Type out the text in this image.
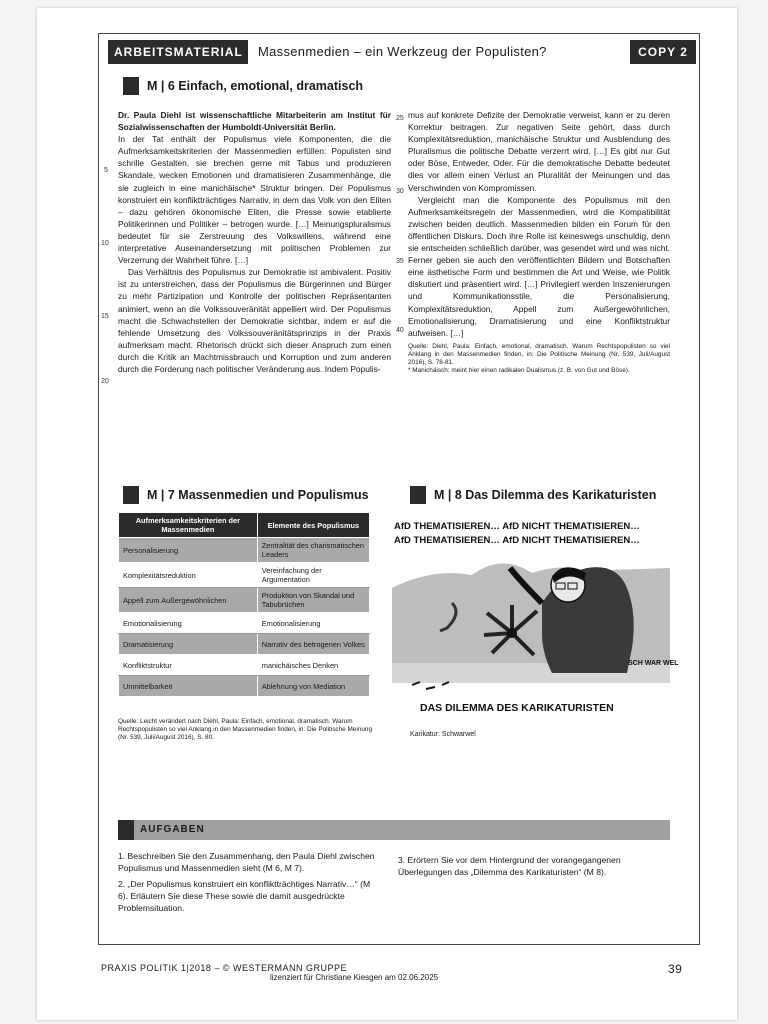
ARBEITSMATERIAL	Massenmedien – ein Werkzeug der Populisten?	COPY 2
M | 6 Einfach, emotional, dramatisch

Dr. Paula Diehl ist wissenschaftliche Mitarbeiterin am Institut für Sozialwissenschaften der Humboldt-Universität Berlin.

In der Tat enthält der Populismus viele Komponenten, die die Aufmerksamkeitskriterien der Massenmedien erfüllen: Populisten sind schrille Gestalten, sie brechen gerne mit Tabus und produzieren Skandale, wecken Emotionen und dramatisieren Zusammenhänge, die sie zugleich in eine manichäische* Struktur bringen. Der Populismus konstruiert ein konfliktträchtiges Narrativ, in dem das Volk von den Eliten – dazu gehören ökonomische Eliten, die Presse sowie etablierte Politikerinnen und Politiker – betrogen wurde. […] Meinungspluralismus bedeutet für sie Zerstreuung des Volkswillens, während eine interpretative Auseinandersetzung mit politischen Problemen zur Verzerrung der Wahrheit führe. […]

Das Verhältnis des Populismus zur Demokratie ist ambivalent. Positiv ist zu unterstreichen, dass der Populismus die Bürgerinnen und Bürger zu mehr Partizipation und Kontrolle der politischen Repräsentanten animiert, wenn an die Volkssouveränität appelliert wird. Der Populismus macht die Schwachstellen der Demokratie sichtbar, indem er auf die fehlende Umsetzung des Volkssouveränitätsprinzips in der Praxis aufmerksam macht. Rhetorisch drückt sich dieser Anspruch zum einen durch die Kritik an Machtmissbrauch und Korruption und zum anderen durch die Forderung nach politischer Veränderung aus. Indem Populis-

5
10
15
20
25
30
35
40

mus auf konkrete Defizite der Demokratie verweist, kann er zu deren Korrektur beitragen. Zur negativen Seite gehört, dass durch Komplexitätsreduktion, manichäische Struktur und Ausblendung des Pluralismus die politische Debatte verzerrt wird. […] Es gibt nur Gut oder Böse, Entweder, Oder. Für die demokratische Debatte bedeutet dies vor allem einen Verlust an Pluralität der Meinungen und das Verschwinden von Kompromissen.

Vergleicht man die Komponente des Populismus mit den Aufmerksamkeitsregeln der Massenmedien, wird die Kompatibilität zwischen beiden deutlich. Massenmedien bilden ein Forum für den öffentlichen Diskurs. Doch ihre Rolle ist keineswegs unschuldig, denn sie entscheiden schließlich darüber, was gesendet wird und was nicht. Ferner geben sie auch den veröffentlichten Bildern und Botschaften eine ästhetische Form und bestimmen die Art und Weise, wie Politik diskutiert und präsentiert wird. […] Privilegiert werden Inszenierungen und Kommunikationsstile, die Personalisierung, Komplexitätsreduktion, Appell zum Außergewöhnlichen, Emotionalisierung, Dramatisierung und eine Konfliktstruktur aufweisen. […]

Quelle: Diehl, Paula: Einfach, emotional, dramatisch. Warum Rechtspopulisten so viel Anklang in den Massenmedien finden, in: Die Politische Meinung (Nr. 539, Juli/August 2016), S. 78-81.

* Manichäisch: meint hier einen radikalen Dualismus (z. B. von Gut und Böse).

M | 7 Massenmedien und Populismus
Aufmerksamkeitskriterien der Massenmedien	Elemente des Populismus
Personalisierung	Zentralität des charismatischen Leaders
Komplexitätsreduktion	Vereinfachung der Argumentation
Appell zum Außergewöhnlichen	Produktion von Skandal und Tabubrüchen
Emotionalisierung	Emotionalisierung
Dramatisierung	Narrativ des betrogenen Volkes
Konfliktstruktur	manichäisches Denken
Unmittelbarkeit	Ablehnung von Mediation
Quelle: Leicht verändert nach Diehl, Paula: Einfach, emotional, dramatisch. Warum Rechtspopulisten so viel Anklang in den Massenmedien finden, in: Die Politische Meinung (Nr. 539, Juli/August 2016), S. 80.
M | 8 Das Dilemma des Karikaturisten
AfD THEMATISIEREN… AfD NICHT THEMATISIEREN…
AfD THEMATISIEREN… AfD NICHT THEMATISIEREN…
SCH WAR WEL
DAS DILEMMA DES KARIKATURISTEN
Karikatur: Schwarwel
AUFGABEN
1. Beschreiben Sie den Zusammenhang, den Paula Diehl zwischen Populismus und Massenmedien sieht (M 6, M 7).
2. „Der Populismus konstruiert ein konfliktträchtiges Narrativ…“ (M 6). Erläutern Sie diese These sowie die damit ausgedrückte Problemsituation.
3. Erörtern Sie vor dem Hintergrund der vorangegangenen Überlegungen das „Dilemma des Karikaturisten“ (M 8).
PRAXIS POLITIK 1|2018 – © WESTERMANN GRUPPE
lizenziert für Christiane Kiesgen am 02.06.2025
39
